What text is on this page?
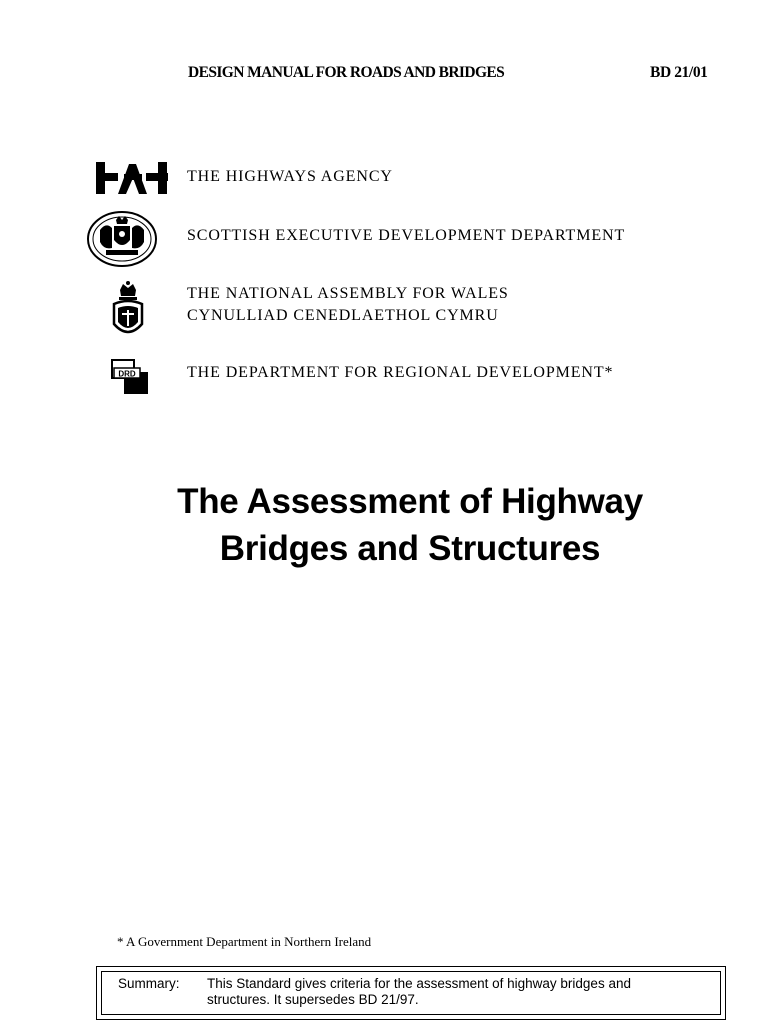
DESIGN MANUAL FOR ROADS AND BRIDGES	BD 21/01
DRD
THE HIGHWAYS AGENCY
SCOTTISH EXECUTIVE DEVELOPMENT DEPARTMENT
THE NATIONAL ASSEMBLY FOR WALES
CYNULLIAD CENEDLAETHOL CYMRU
THE DEPARTMENT FOR REGIONAL DEVELOPMENT*
The Assessment of Highway
Bridges and Structures
* A Government Department in Northern Ireland
Summary: This Standard gives criteria for the assessment of highway bridges and
structures. It supersedes BD 21/97.
